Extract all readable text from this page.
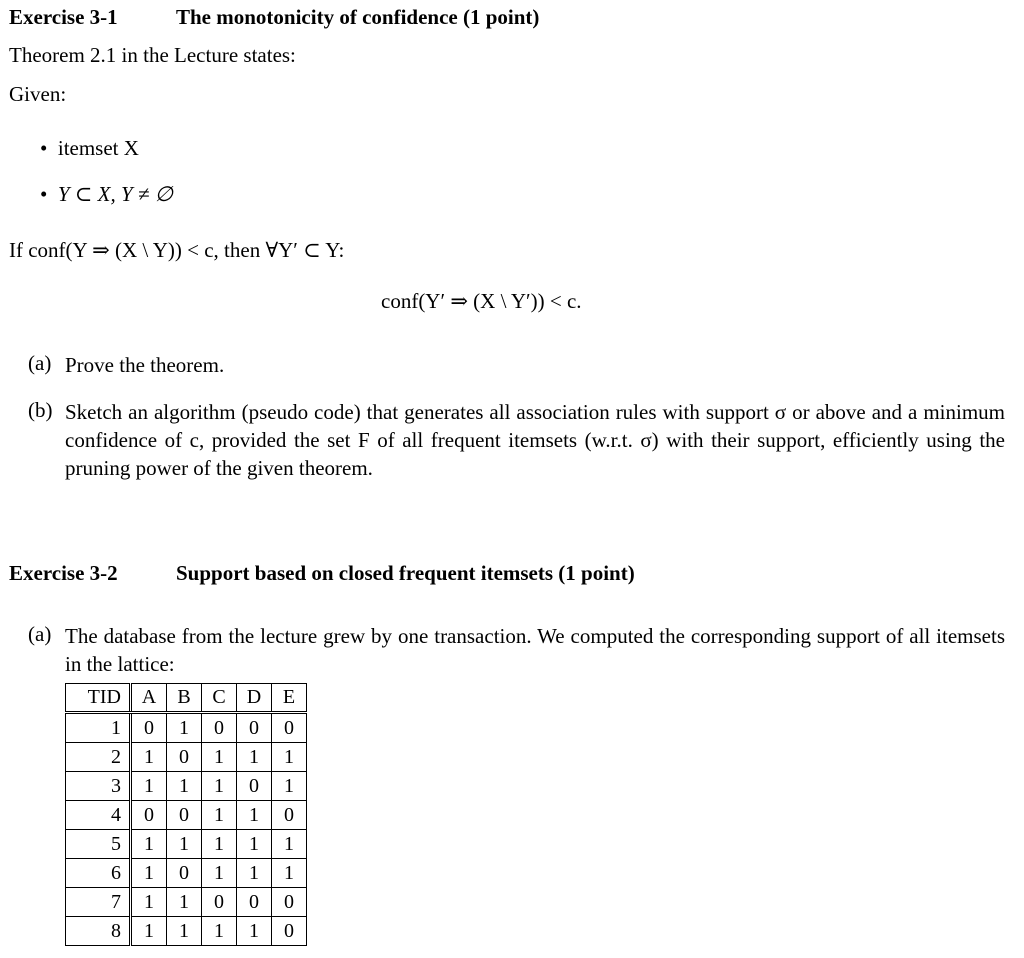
Exercise 3-1	The monotonicity of confidence (1 point)
Theorem 2.1 in the Lecture states:
Given:
• itemset X
• Y ⊂ X, Y ≠ ∅
If conf(Y ⇒ (X \ Y)) < c, then ∀Y′ ⊂ Y:
conf(Y′ ⇒ (X \ Y′)) < c.
(a) Prove the theorem.
(b) Sketch an algorithm (pseudo code) that generates all association rules with support σ or above and a minimum confidence of c, provided the set F of all frequent itemsets (w.r.t. σ) with their support, efficiently using the pruning power of the given theorem.
Exercise 3-2	Support based on closed frequent itemsets (1 point)
(a) The database from the lecture grew by one transaction. We computed the corresponding support of all itemsets in the lattice:
TID	A	B	C	D	E
1	0	1	0	0	0
2	1	0	1	1	1
3	1	1	1	0	1
4	0	0	1	1	0
5	1	1	1	1	1
6	1	0	1	1	1
7	1	1	0	0	0
8	1	1	1	1	0
